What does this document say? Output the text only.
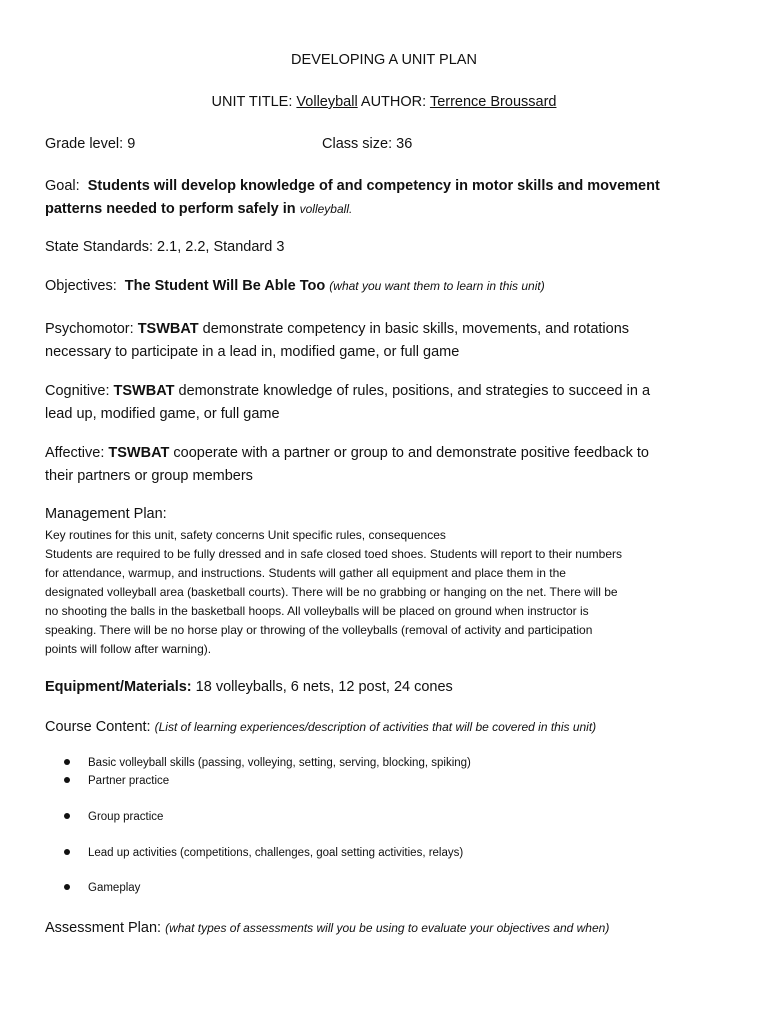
DEVELOPING A UNIT PLAN
UNIT TITLE: Volleyball AUTHOR: Terrence Broussard
Grade level: 9	Class size: 36
Goal: Students will develop knowledge of and competency in motor skills and movement
patterns needed to perform safely in volleyball.
State Standards: 2.1, 2.2, Standard 3
Objectives: The Student Will Be Able Too (what you want them to learn in this unit)
Psychomotor: TSWBAT demonstrate competency in basic skills, movements, and rotations
necessary to participate in a lead in, modified game, or full game
Cognitive: TSWBAT demonstrate knowledge of rules, positions, and strategies to succeed in a
lead up, modified game, or full game
Affective: TSWBAT cooperate with a partner or group to and demonstrate positive feedback to
their partners or group members
Management Plan:
Key routines for this unit, safety concerns Unit specific rules, consequences
Students are required to be fully dressed and in safe closed toed shoes. Students will report to their numbers
for attendance, warmup, and instructions. Students will gather all equipment and place them in the
designated volleyball area (basketball courts). There will be no grabbing or hanging on the net. There will be
no shooting the balls in the basketball hoops. All volleyballs will be placed on ground when instructor is
speaking. There will be no horse play or throwing of the volleyballs (removal of activity and participation
points will follow after warning).
Equipment/Materials: 18 volleyballs, 6 nets, 12 post, 24 cones
Course Content: (List of learning experiences/description of activities that will be covered in this unit)
Basic volleyball skills (passing, volleying, setting, serving, blocking, spiking)
Partner practice
Group practice
Lead up activities (competitions, challenges, goal setting activities, relays)
Gameplay
Assessment Plan: (what types of assessments will you be using to evaluate your objectives and when)
